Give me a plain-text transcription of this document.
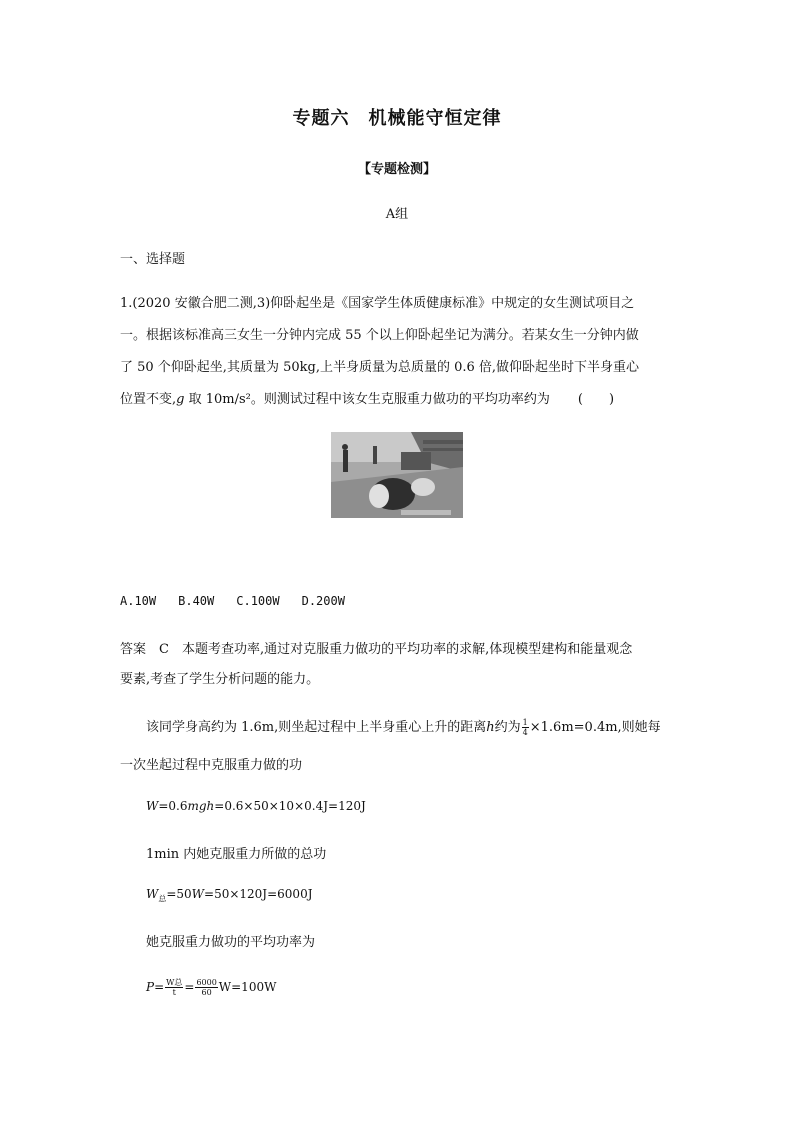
专题六　机械能守恒定律
【专题检测】
A组
一、选择题
1.(2020 安徽合肥二测,3)仰卧起坐是《国家学生体质健康标准》中规定的女生测试项目之
一。根据该标准高三女生一分钟内完成 55 个以上仰卧起坐记为满分。若某女生一分钟内做
了 50 个仰卧起坐,其质量为 50kg,上半身质量为总质量的 0.6 倍,做仰卧起坐时下半身重心
位置不变,g 取 10m/s²。则测试过程中该女生克服重力做功的平均功率约为 (　　)
A.10W B.40W C.100W D.200W
答案　C　本题考查功率,通过对克服重力做功的平均功率的求解,体现模型建构和能量观念
要素,考查了学生分析问题的能力。
该同学身高约为 1.6m,则坐起过程中上半身重心上升的距离h约为 $\frac{1}{4} \times 1.6m=0.4m$,则她每
一次坐起过程中克服重力做的功
W=0.6mgh=0.6×50×10×0.4J=120J
1min 内她克服重力所做的总功
$W_总=50W=50\times 120J=6000J$
她克服重力做功的平均功率为
$P= \frac{\text{W总}}{t} = \frac{6000}{60} W=100W$
